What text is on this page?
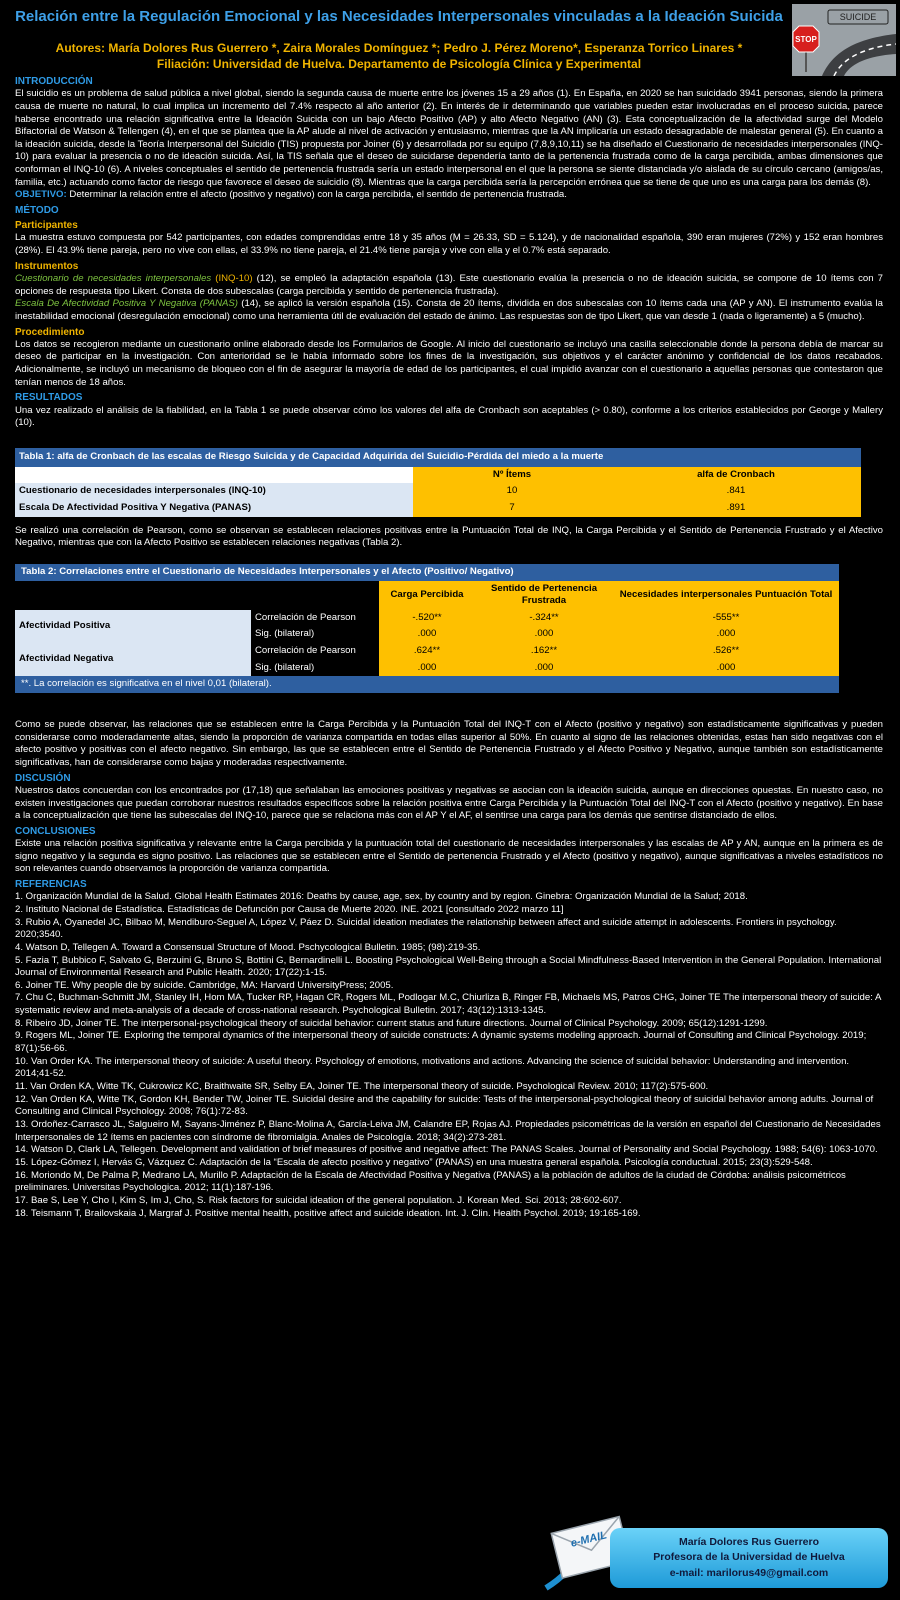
Relación entre la Regulación Emocional y las Necesidades Interpersonales vinculadas a la Ideación Suicida
Autores: María Dolores Rus Guerrero *, Zaira Morales Domínguez *; Pedro J. Pérez Moreno*, Esperanza Torrico Linares *
Filiación: Universidad de Huelva. Departamento de Psicología Clínica y Experimental
SUICIDE
STOP
INTRODUCCIÓN

El suicidio es un problema de salud pública a nivel global, siendo la segunda causa de muerte entre los jóvenes 15 a 29 años (1). En España, en 2020 se han suicidado 3941 personas, siendo la primera causa de muerte no natural, lo cual implica un incremento del 7.4% respecto al año anterior (2). En interés de ir determinando que variables pueden estar involucradas en el proceso suicida, parece haberse encontrado una relación significativa entre la Ideación Suicida con un bajo Afecto Positivo (AP) y alto Afecto Negativo (AN) (3). Esta conceptualización de la afectividad surge del Modelo Bifactorial de Watson & Tellengen (4), en el que se plantea que la AP alude al nivel de activación y entusiasmo, mientras que la AN implicaría un estado desagradable de malestar general (5). En cuanto a la ideación suicida, desde la Teoría Interpersonal del Suicidio (TIS) propuesta por Joiner (6) y desarrollada por su equipo (7,8,9,10,11) se ha diseñado el Cuestionario de necesidades interpersonales (INQ-10) para evaluar la presencia o no de ideación suicida. Así, la TIS señala que el deseo de suicidarse dependería tanto de la pertenencia frustrada como de la carga percibida, ambas dimensiones que conforman el INQ-10 (6). A niveles conceptuales el sentido de pertenencia frustrada sería un estado interpersonal en el que la persona se siente distanciada y/o aislada de su círculo cercano (amigos/as, familia, etc.) actuando como factor de riesgo que favorece el deseo de suicidio (8). Mientras que la carga percibida sería la percepción errónea que se tiene de que uno es una carga para los demás (8).

OBJETIVO: Determinar la relación entre el afecto (positivo y negativo) con la carga percibida, el sentido de pertenencia frustrada.

MÉTODO
Participantes

La muestra estuvo compuesta por 542 participantes, con edades comprendidas entre 18 y 35 años (M = 26.33, SD = 5.124), y de nacionalidad española, 390 eran mujeres (72%) y 152 eran hombres (28%). El 43.9% tiene pareja, pero no vive con ellas, el 33.9% no tiene pareja, el 21.4% tiene pareja y vive con ella y el 0.7% está separado.

Instrumentos

Cuestionario de necesidades interpersonales (INQ-10) (12), se empleó la adaptación española (13). Este cuestionario evalúa la presencia o no de ideación suicida, se compone de 10 ítems con 7 opciones de respuesta tipo Likert. Consta de dos subescalas (carga percibida y sentido de pertenencia frustrada).

Escala De Afectividad Positiva Y Negativa (PANAS) (14), se aplicó la versión española (15). Consta de 20 ítems, dividida en dos subescalas con 10 ítems cada una (AP y AN). El instrumento evalúa la inestabilidad emocional (desregulación emocional) como una herramienta útil de evaluación del estado de ánimo. Las respuestas son de tipo Likert, que van desde 1 (nada o ligeramente) a 5 (mucho).

Procedimiento

Los datos se recogieron mediante un cuestionario online elaborado desde los Formularios de Google. Al inicio del cuestionario se incluyó una casilla seleccionable donde la persona debía de marcar su deseo de participar en la investigación. Con anterioridad se le había informado sobre los fines de la investigación, sus objetivos y el carácter anónimo y confidencial de los datos recabados. Adicionalmente, se incluyó un mecanismo de bloqueo con el fin de asegurar la mayoría de edad de los participantes, el cual impidió avanzar con el cuestionario a aquellas personas que contestaron que tenían menos de 18 años.

RESULTADOS

Una vez realizado el análisis de la fiabilidad, en la Tabla 1 se puede observar cómo los valores del alfa de Cronbach son aceptables (> 0.80), conforme a los criterios establecidos por George y Mallery (10).

Tabla 1: alfa de Cronbach de las escalas de Riesgo Suicida y de Capacidad Adquirida del Suicidio-Pérdida del miedo a la muerte		
	Nº Ítems	alfa de Cronbach
Cuestionario de necesidades interpersonales (INQ-10)	10	.841
Escala De Afectividad Positiva Y Negativa (PANAS)	7	.891

Se realizó una correlación de Pearson, como se observan se establecen relaciones positivas entre la Puntuación Total de INQ, la Carga Percibida y el Sentido de Pertenencia Frustrado y el Afectivo Negativo, mientras que con la Afecto Positivo se establecen relaciones negativas (Tabla 2).

Tabla 2: Correlaciones entre el Cuestionario de Necesidades Interpersonales y el Afecto (Positivo/ Negativo)				
		Carga Percibida	Sentido de Pertenencia Frustrada	Necesidades interpersonales Puntuación Total
Afectividad Positiva	Correlación de Pearson	-.520**	-.324**	-555**
	Sig. (bilateral)	.000	.000	.000
Afectividad Negativa	Correlación de Pearson	.624**	.162**	.526**
	Sig. (bilateral)	.000	.000	.000
**. La correlación es significativa en el nivel 0,01 (bilateral).				

Como se puede observar, las relaciones que se establecen entre la Carga Percibida y la Puntuación Total del INQ-T con el Afecto (positivo y negativo) son estadísticamente significativas y pueden considerarse como moderadamente altas, siendo la proporción de varianza compartida en todas ellas superior al 50%. En cuanto al signo de las relaciones obtenidas, estas han sido negativas con el afecto positivo y positivas con el afecto negativo. Sin embargo, las que se establecen entre el Sentido de Pertenencia Frustrado y el Afecto Positivo y Negativo, aunque también son estadísticamente significativas, han de considerarse como bajas y moderadas respectivamente.

DISCUSIÓN

Nuestros datos concuerdan con los encontrados por (17,18) que señalaban las emociones positivas y negativas se asocian con la ideación suicida, aunque en direcciones opuestas. En nuestro caso, no existen investigaciones que puedan corroborar nuestros resultados específicos sobre la relación positiva entre Carga Percibida y la Puntuación Total del INQ-T con el Afecto (positivo y negativo). En base a la conceptualización que tiene las subescalas del INQ-10, parece que se relaciona más con el AP Y el AF, el sentirse una carga para los demás que sentirse distanciado de ellos.

CONCLUSIONES

Existe una relación positiva significativa y relevante entre la Carga percibida y la puntuación total del cuestionario de necesidades interpersonales y las escalas de AP y AN, aunque en la primera es de signo negativo y la segunda es signo positivo. Las relaciones que se establecen entre el Sentido de pertenencia Frustrado y el Afecto (positivo y negativo), aunque significativas a niveles estadísticos no son relevantes cuando observamos la proporción de varianza compartida.

REFERENCIAS

1. Organización Mundial de la Salud. Global Health Estimates 2016: Deaths by cause, age, sex, by country and by region. Ginebra: Organización Mundial de la Salud; 2018.

2. Instituto Nacional de Estadística. Estadísticas de Defunción por Causa de Muerte 2020. INE. 2021 [consultado 2022 marzo 11]

3. Rubio A, Oyanedel JC, Bilbao M, Mendiburo-Seguel A, López V, Páez D. Suicidal ideation mediates the relationship between affect and suicide attempt in adolescents. Frontiers in psychology. 2020;3540.

4. Watson D, Tellegen A. Toward a Consensual Structure of Mood. Pschycological Bulletin. 1985; (98):219-35.

5. Fazia T, Bubbico F, Salvato G, Berzuini G, Bruno S, Bottini G, Bernardinelli L. Boosting Psychological Well-Being through a Social Mindfulness-Based Intervention in the General Population. International Journal of Environmental Research and Public Health. 2020; 17(22):1-15.

6. Joiner TE. Why people die by suicide. Cambridge, MA: Harvard UniversityPress; 2005.

7. Chu C, Buchman-Schmitt JM, Stanley IH, Hom MA, Tucker RP, Hagan CR, Rogers ML, Podlogar M.C, Chiurliza B, Ringer FB, Michaels MS, Patros CHG, Joiner TE The interpersonal theory of suicide: A systematic review and meta-analysis of a decade of cross-national research. Psychological Bulletin. 2017; 43(12):1313-1345.

8. Ribeiro JD, Joiner TE. The interpersonal-psychological theory of suicidal behavior: current status and future directions. Journal of Clinical Psychology. 2009; 65(12):1291-1299.

9. Rogers ML, Joiner TE. Exploring the temporal dynamics of the interpersonal theory of suicide constructs: A dynamic systems modeling approach. Journal of Consulting and Clinical Psychology. 2019; 87(1):56-66.

10. Van Order KA. The interpersonal theory of suicide: A useful theory. Psychology of emotions, motivations and actions. Advancing the science of suicidal behavior: Understanding and intervention. 2014;41-52.

11. Van Orden KA, Witte TK, Cukrowicz KC, Braithwaite SR, Selby EA, Joiner TE. The interpersonal theory of suicide. Psychological Review. 2010; 117(2):575-600.

12. Van Orden KA, Witte TK, Gordon KH, Bender TW, Joiner TE. Suicidal desire and the capability for suicide: Tests of the interpersonal-psychological theory of suicidal behavior among adults. Journal of Consulting and Clinical Psychology. 2008; 76(1):72-83.

13. Ordoñez-Carrasco JL, Salgueiro M, Sayans-Jiménez P, Blanc-Molina A, García-Leiva JM, Calandre EP, Rojas AJ. Propiedades psicométricas de la versión en español del Cuestionario de Necesidades Interpersonales de 12 ítems en pacientes con síndrome de fibromialgia. Anales de Psicología. 2018; 34(2):273-281.

14. Watson D, Clark LA, Tellegen. Development and validation of brief measures of positive and negative affect: The PANAS Scales. Journal of Personality and Social Psychology. 1988; 54(6): 1063-1070.

15. López-Gómez I, Hervás G, Vázquez C. Adaptación de la “Escala de afecto positivo y negativo” (PANAS) en una muestra general española. Psicología conductual. 2015; 23(3):529-548.

16. Moriondo M, De Palma P, Medrano LA, Murillo P. Adaptación de la Escala de Afectividad Positiva y Negativa (PANAS) a la población de adultos de la ciudad de Córdoba: análisis psicométricos preliminares. Universitas Psychologica. 2012; 11(1):187-196.

17. Bae S, Lee Y, Cho I, Kim S, Im J, Cho, S. Risk factors for suicidal ideation of the general population. J. Korean Med. Sci. 2013; 28:602-607.

18. Teismann T, Brailovskaia J, Margraf J. Positive mental health, positive affect and suicide ideation. Int. J. Clin. Health Psychol. 2019; 19:165-169.

e-MAIL	María Dolores Rus Guerrero
Profesora de la Universidad de Huelva
e-mail: marilorus49@gmail.com
